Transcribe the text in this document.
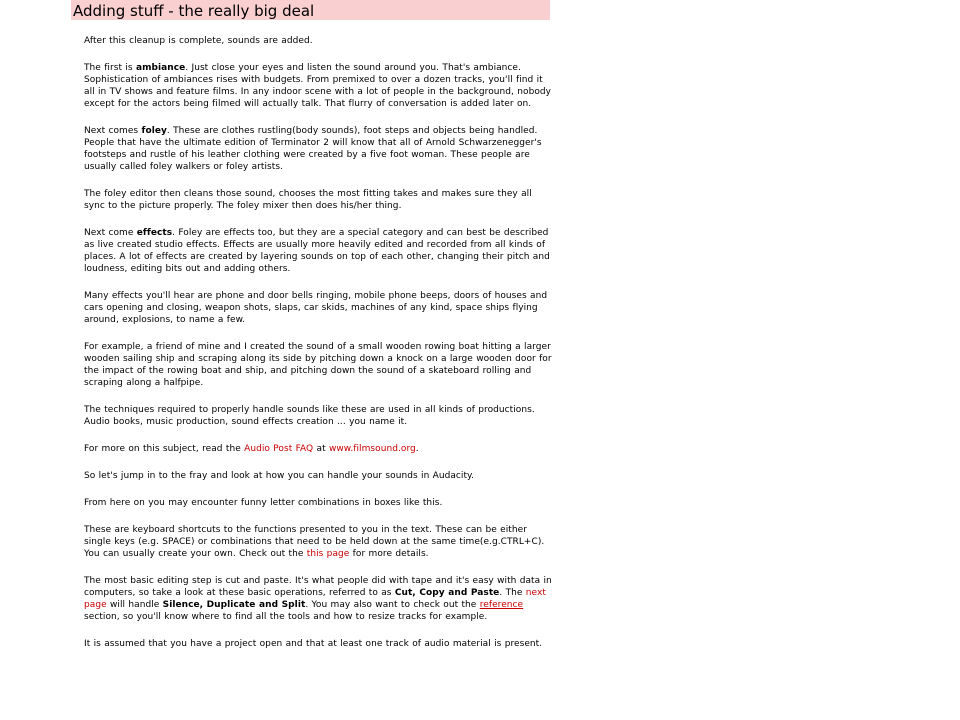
Adding stuff - the really big deal

After this cleanup is complete, sounds are added.

The first is ambiance. Just close your eyes and listen the sound around you. That's ambiance. Sophistication of ambiances rises with budgets. From premixed to over a dozen tracks, you'll find it all in TV shows and feature films. In any indoor scene with a lot of people in the background, nobody except for the actors being filmed will actually talk. That flurry of conversation is added later on.

Next comes foley. These are clothes rustling(body sounds), foot steps and objects being handled. People that have the ultimate edition of Terminator 2 will know that all of Arnold Schwarzenegger's footsteps and rustle of his leather clothing were created by a five foot woman. These people are usually called foley walkers or foley artists.

The foley editor then cleans those sound, chooses the most fitting takes and makes sure they all sync to the picture properly. The foley mixer then does his/her thing.

Next come effects. Foley are effects too, but they are a special category and can best be described as live created studio effects. Effects are usually more heavily edited and recorded from all kinds of places. A lot of effects are created by layering sounds on top of each other, changing their pitch and loudness, editing bits out and adding others.

Many effects you'll hear are phone and door bells ringing, mobile phone beeps, doors of houses and cars opening and closing, weapon shots, slaps, car skids, machines of any kind, space ships flying around, explosions, to name a few.

For example, a friend of mine and I created the sound of a small wooden rowing boat hitting a larger wooden sailing ship and scraping along its side by pitching down a knock on a large wooden door for the impact of the rowing boat and ship, and pitching down the sound of a skateboard rolling and scraping along a halfpipe.

The techniques required to properly handle sounds like these are used in all kinds of productions. Audio books, music production, sound effects creation ... you name it.

For more on this subject, read the Audio Post FAQ at www.filmsound.org.

So let's jump in to the fray and look at how you can handle your sounds in Audacity.

From here on you may encounter funny letter combinations in boxes like this.

These are keyboard shortcuts to the functions presented to you in the text. These can be either single keys (e.g. SPACE) or combinations that need to be held down at the same time(e.g.CTRL+C). You can usually create your own. Check out the this page for more details.

The most basic editing step is cut and paste. It's what people did with tape and it's easy with data in computers, so take a look at these basic operations, referred to as Cut, Copy and Paste. The next page will handle Silence, Duplicate and Split. You may also want to check out the reference section, so you'll know where to find all the tools and how to resize tracks for example.

It is assumed that you have a project open and that at least one track of audio material is present.
